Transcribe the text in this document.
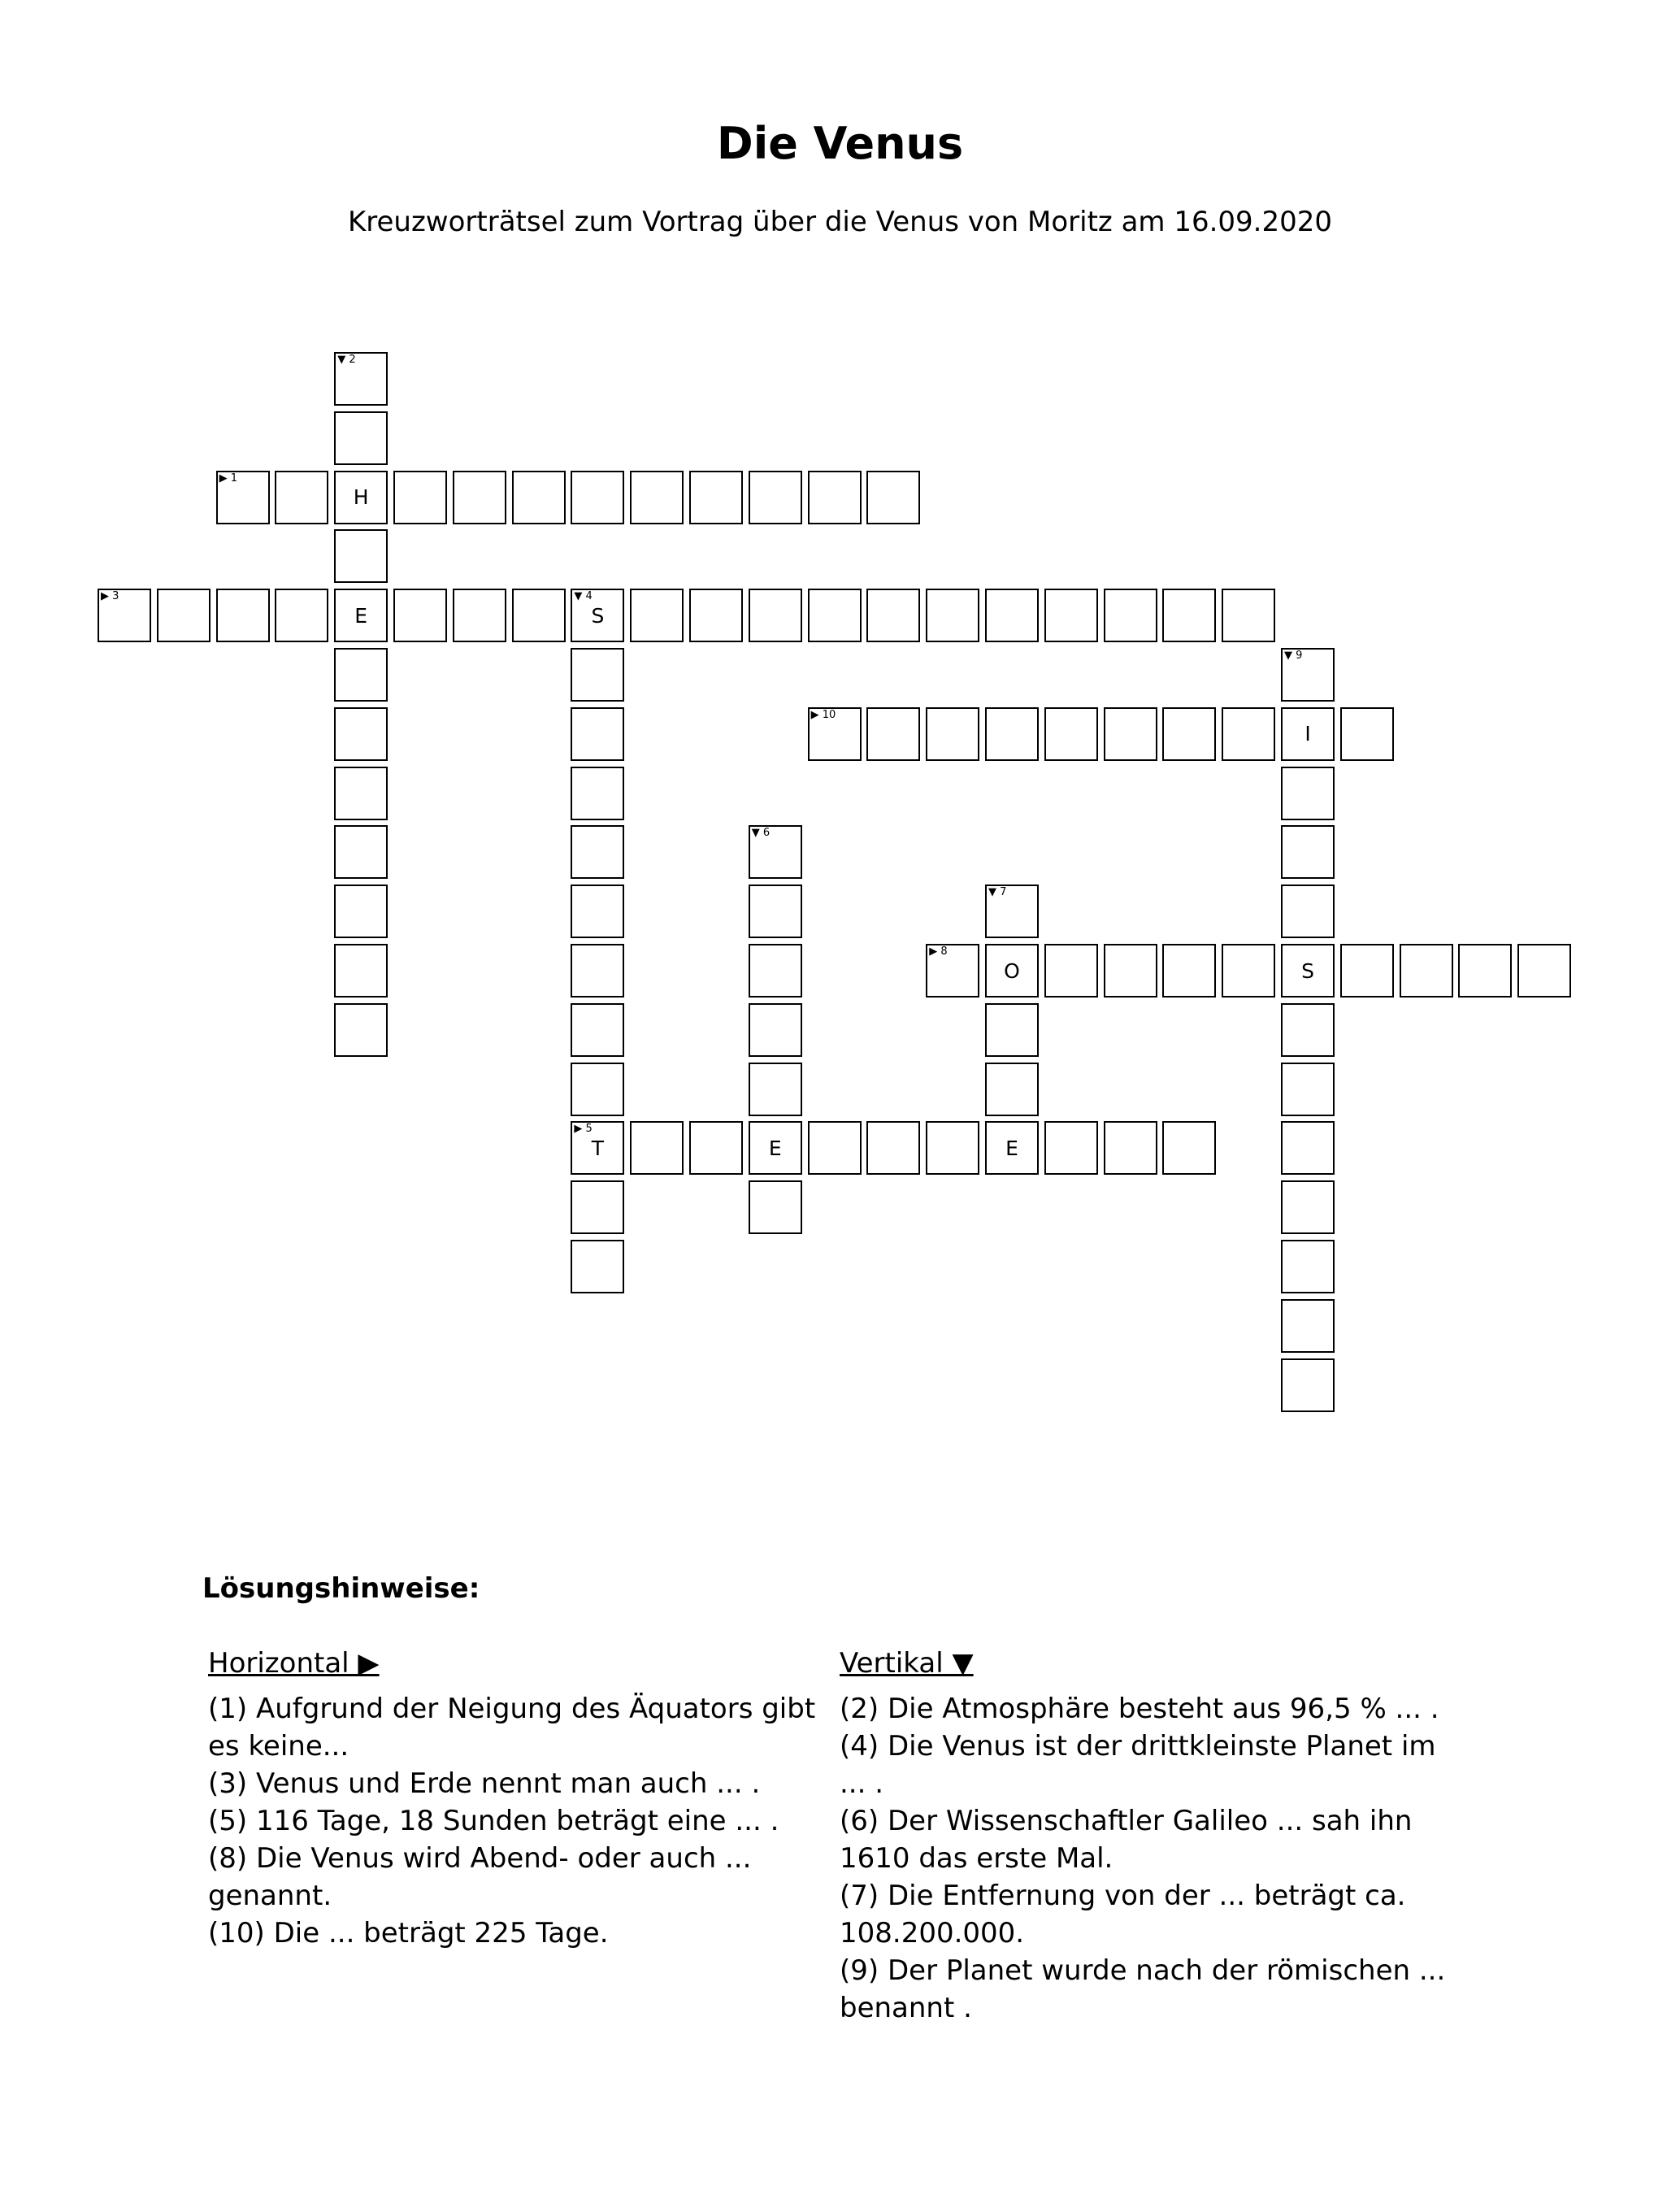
Die Venus
Kreuzworträtsel zum Vortrag über die Venus von Moritz am 16.09.2020
▶ 1
H
▼ 2
E
▶ 3	▼ 4
S
▶ 5
T	E	E
▼ 6
▼ 7
O
▶ 8
S
▼ 9
I
▶ 10
Lösungshinweise:
Horizontal ▶

(1) Aufgrund der Neigung des Äquators gibt es keine...

(3) Venus und Erde nennt man auch ... .

(5) 116 Tage, 18 Sunden beträgt eine ... .

(8) Die Venus wird Abend- oder auch ... genannt.

(10) Die ... beträgt 225 Tage.

Vertikal ▼

(2) Die Atmosphäre besteht aus 96,5 % ... .

(4) Die Venus ist der drittkleinste Planet im ... .

(6) Der Wissenschaftler Galileo ... sah ihn 1610 das erste Mal.

(7) Die Entfernung von der ... beträgt ca. 108.200.000.

(9) Der Planet wurde nach der römischen ... benannt .
